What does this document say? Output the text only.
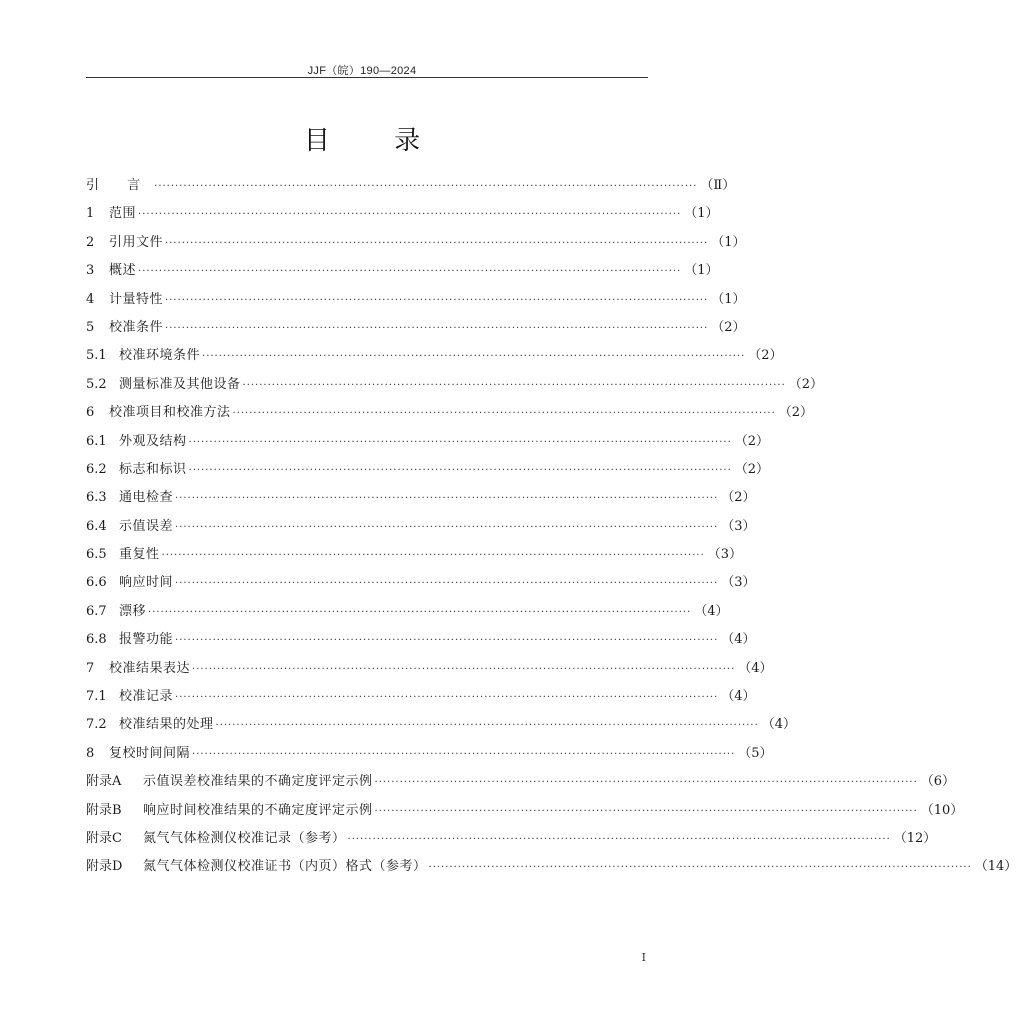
JJF（皖）190—2024
目 录
引 言 ·································································································································· （Ⅱ）
1	范围 ·································································································································· （1）
2	引用文件 ·································································································································· （1）
3	概述 ·································································································································· （1）
4	计量特性 ·································································································································· （1）
5	校准条件 ·································································································································· （2）
5.1 校准环境条件 ·································································································································· （2）
5.2 测量标准及其他设备 ·································································································································· （2）
6	校准项目和校准方法 ·································································································································· （2）
6.1 外观及结构 ·································································································································· （2）
6.2 标志和标识 ·································································································································· （2）
6.3 通电检查 ·································································································································· （2）
6.4 示值误差 ·································································································································· （3）
6.5 重复性 ·································································································································· （3）
6.6 响应时间 ·································································································································· （3）
6.7 漂移 ·································································································································· （4）
6.8 报警功能 ·································································································································· （4）
7	校准结果表达 ·································································································································· （4）
7.1 校准记录 ·································································································································· （4）
7.2 校准结果的处理 ·································································································································· （4）
8	复校时间间隔 ·································································································································· （5）
附录A	示值误差校准结果的不确定度评定示例 ·································································································································· （6）
附录B	响应时间校准结果的不确定度评定示例 ·································································································································· （10）
附录C	氮气气体检测仪校准记录（参考） ·································································································································· （12）
附录D	氮气气体检测仪校准证书（内页）格式（参考） ·································································································································· （14）
Ⅰ
